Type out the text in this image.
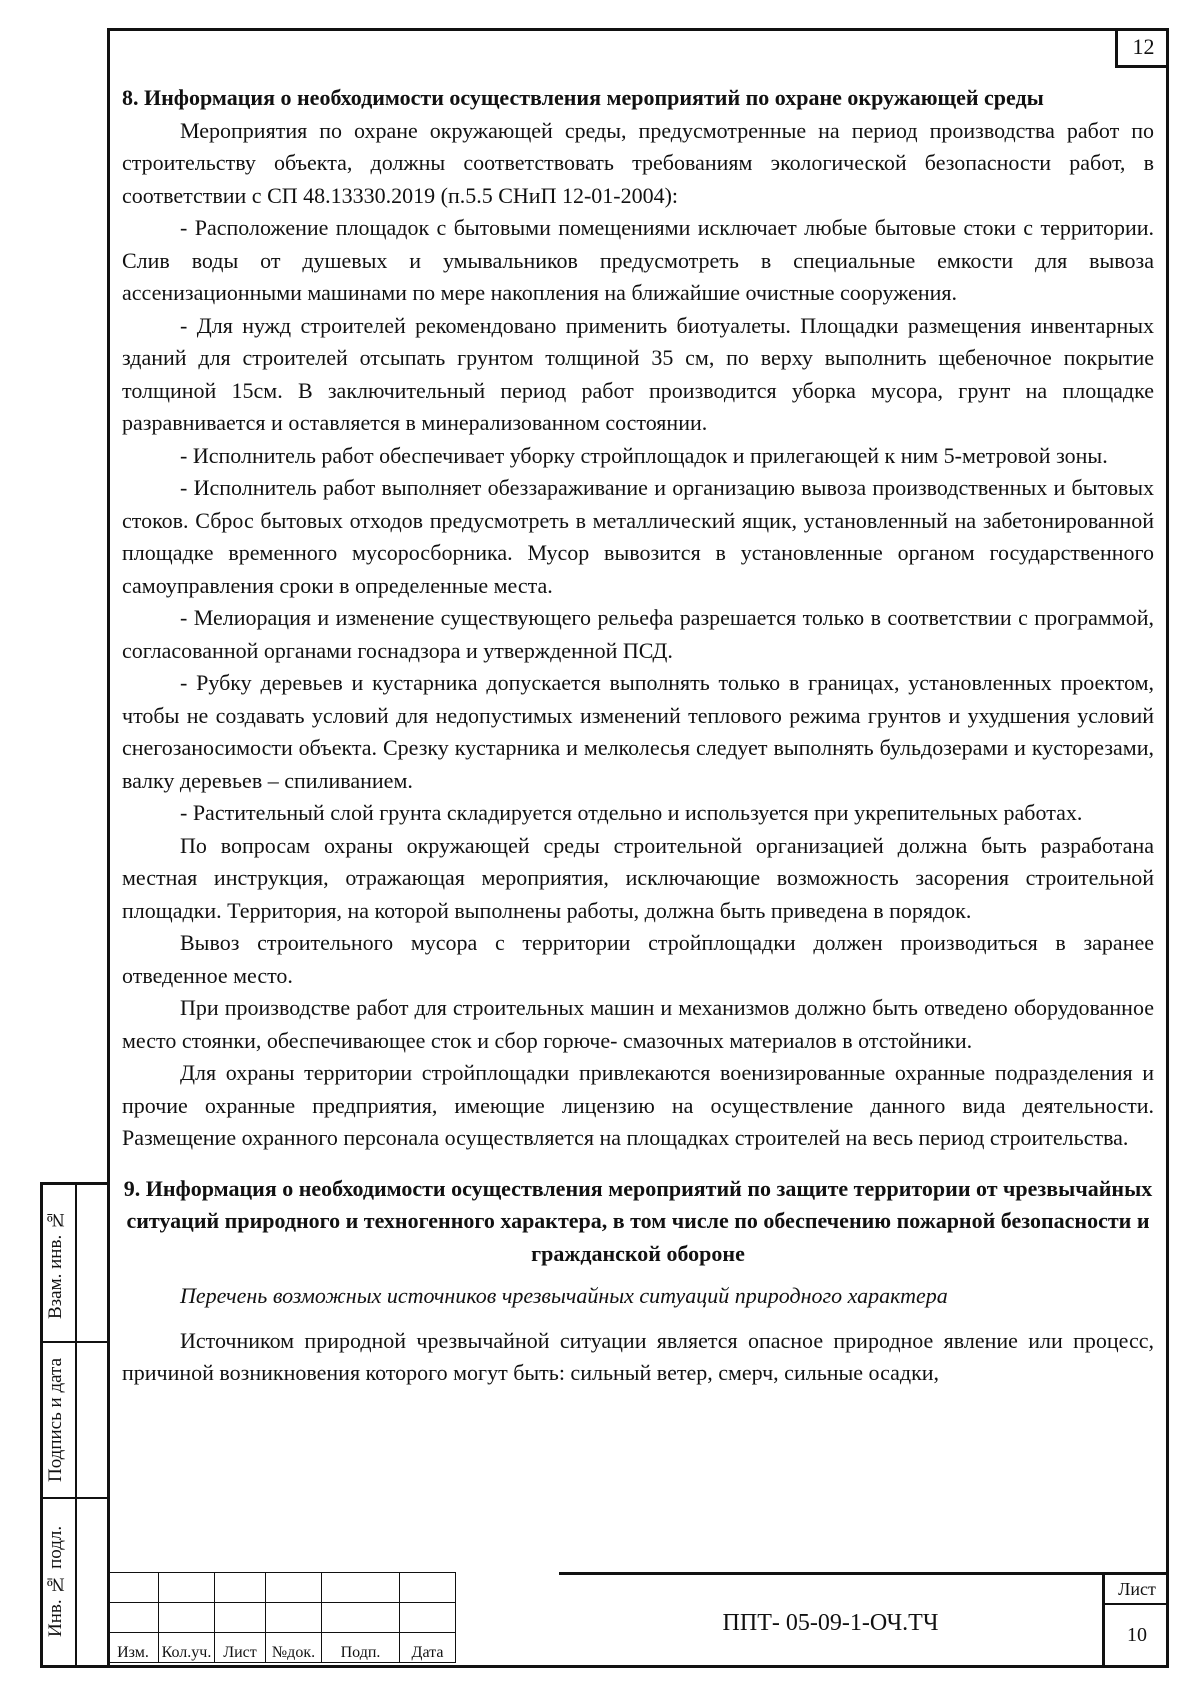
12

8. Информация о необходимости осуществления мероприятий по охране окружающей среды

Мероприятия по охране окружающей среды, предусмотренные на период производства работ по строительству объекта, должны соответствовать требованиям экологической безопасности работ, в соответствии с СП 48.13330.2019 (п.5.5 СНиП 12-01-2004):

- Расположение площадок с бытовыми помещениями исключает любые бытовые стоки с территории. Слив воды от душевых и умывальников предусмотреть в специальные емкости для вывоза ассенизационными машинами по мере накопления на ближайшие очистные сооружения.

- Для нужд строителей рекомендовано применить биотуалеты. Площадки размещения инвентарных зданий для строителей отсыпать грунтом толщиной 35 см, по верху выполнить щебеночное покрытие толщиной 15см. В заключительный период работ производится уборка мусора, грунт на площадке разравнивается и оставляется в минерализованном состоянии.

- Исполнитель работ обеспечивает уборку стройплощадок и прилегающей к ним 5-метровой зоны.

- Исполнитель работ выполняет обеззараживание и организацию вывоза производственных и бытовых стоков. Сброс бытовых отходов предусмотреть в металлический ящик, установленный на забетонированной площадке временного мусоросборника. Мусор вывозится в установленные органом государственного самоуправления сроки в определенные места.

- Мелиорация и изменение существующего рельефа разрешается только в соответствии с программой, согласованной органами госнадзора и утвержденной ПСД.

- Рубку деревьев и кустарника допускается выполнять только в границах, установленных проектом, чтобы не создавать условий для недопустимых изменений теплового режима грунтов и ухудшения условий снегозаносимости объекта. Срезку кустарника и мелколесья следует выполнять бульдозерами и кусторезами, валку деревьев – спиливанием.

- Растительный слой грунта складируется отдельно и используется при укрепительных работах.

По вопросам охраны окружающей среды строительной организацией должна быть разработана местная инструкция, отражающая мероприятия, исключающие возможность засорения строительной площадки. Территория, на которой выполнены работы, должна быть приведена в порядок.

Вывоз строительного мусора с территории стройплощадки должен производиться в заранее отведенное место.

При производстве работ для строительных машин и механизмов должно быть отведено оборудованное место стоянки, обеспечивающее сток и сбор горюче- смазочных материалов в отстойники.

Для охраны территории стройплощадки привлекаются военизированные охранные подразделения и прочие охранные предприятия, имеющие лицензию на осуществление данного вида деятельности. Размещение охранного персонала осуществляется на площадках строителей на весь период строительства.

9. Информация о необходимости осуществления мероприятий по защите территории от чрезвычайных ситуаций природного и техногенного характера, в том числе по обеспечению пожарной безопасности и гражданской обороне

Перечень возможных источников чрезвычайных ситуаций природного характера

Источником природной чрезвычайной ситуации является опасное природное явление или процесс, причиной возникновения которого могут быть: сильный ветер, смерч, сильные осадки,

Взам. инв. №
Подпись и дата
Инв. № подл.

Изм.	Кол.уч.	Лист	№док.	Подп.	Дата
ППТ- 05-09-1-ОЧ.ТЧ
Лист
10
